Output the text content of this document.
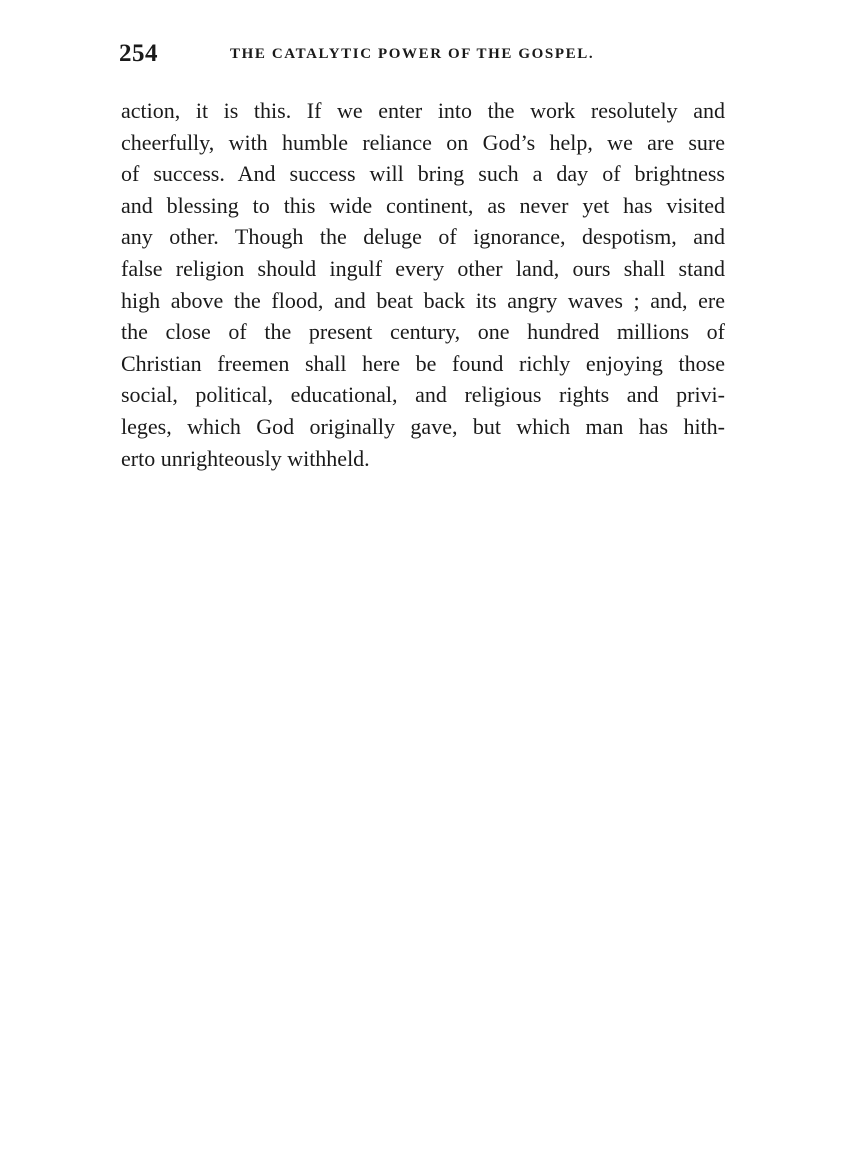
254	THE CATALYTIC POWER OF THE GOSPEL.
action, it is this. If we enter into the work resolutely and
cheerfully, with humble reliance on God’s help, we are sure
of success. And success will bring such a day of brightness
and blessing to this wide continent, as never yet has visited
any other. Though the deluge of ignorance, despotism, and
false religion should ingulf every other land, ours shall stand
high above the flood, and beat back its angry waves ; and, ere
the close of the present century, one hundred millions of
Christian freemen shall here be found richly enjoying those
social, political, educational, and religious rights and privi-
leges, which God originally gave, but which man has hith-
erto unrighteously withheld.
